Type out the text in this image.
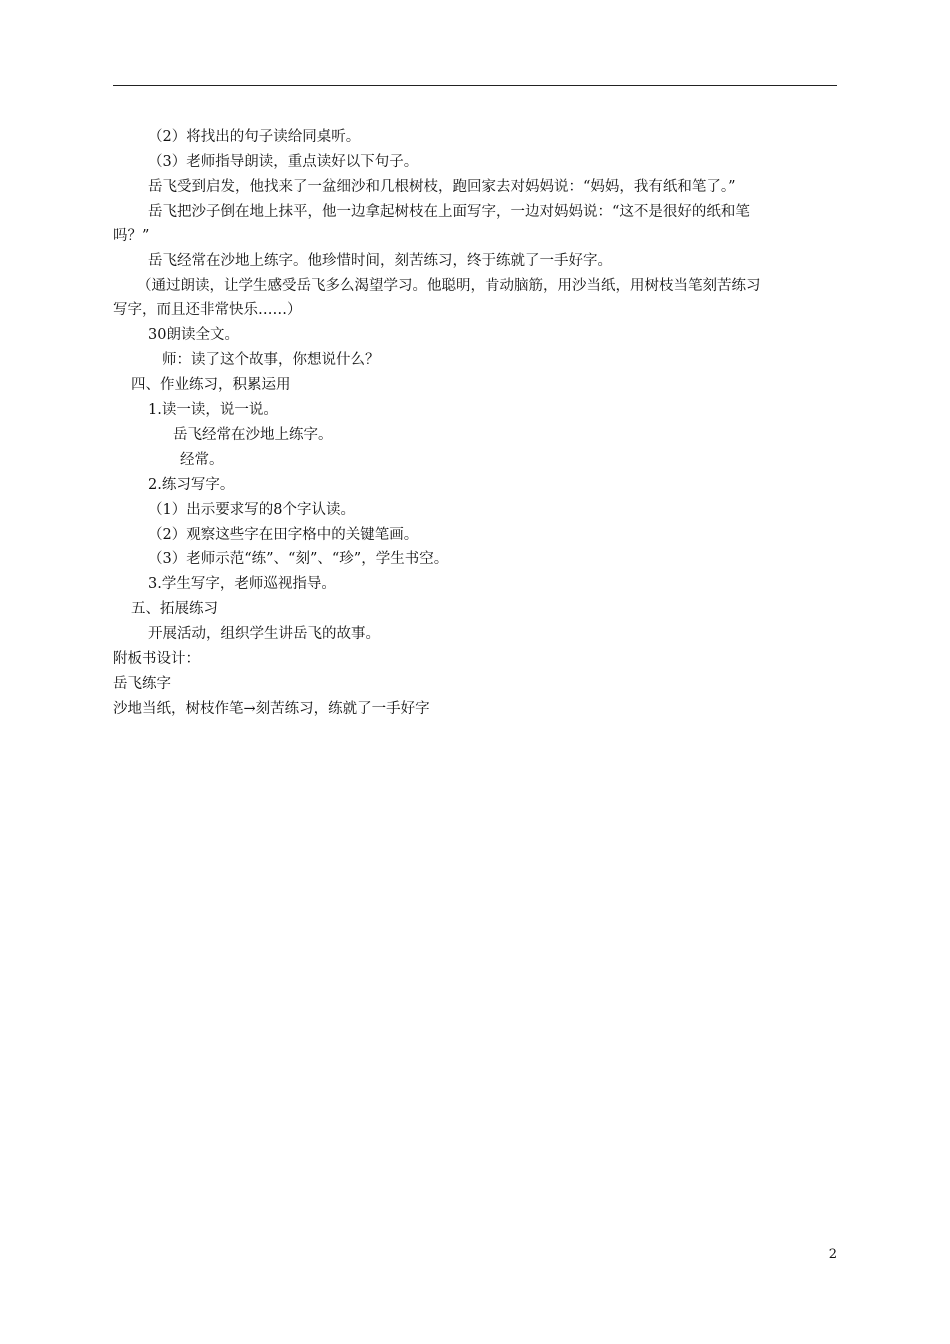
（2）将找出的句子读给同桌听。
（3）老师指导朗读，重点读好以下句子。
岳飞受到启发，他找来了一盆细沙和几根树枝，跑回家去对妈妈说：“妈妈，我有纸和笔了。”
岳飞把沙子倒在地上抹平，他一边拿起树枝在上面写字，一边对妈妈说：“这不是很好的纸和笔
吗？”
岳飞经常在沙地上练字。他珍惜时间，刻苦练习，终于练就了一手好字。
（通过朗读，让学生感受岳飞多么渴望学习。他聪明，肯动脑筋，用沙当纸，用树枝当笔刻苦练习
写字，而且还非常快乐……）
30朗读全文。
师：读了这个故事，你想说什么？
四、作业练习，积累运用
1.读一读，说一说。
岳飞经常在沙地上练字。
经常。
2.练习写字。
（1）出示要求写的8个字认读。
（2）观察这些字在田字格中的关键笔画。
（3）老师示范“练”、“刻”、“珍”，学生书空。
3.学生写字，老师巡视指导。
五、拓展练习
开展活动，组织学生讲岳飞的故事。
附板书设计：
岳飞练字
沙地当纸，树枝作笔→刻苦练习，练就了一手好字
2
